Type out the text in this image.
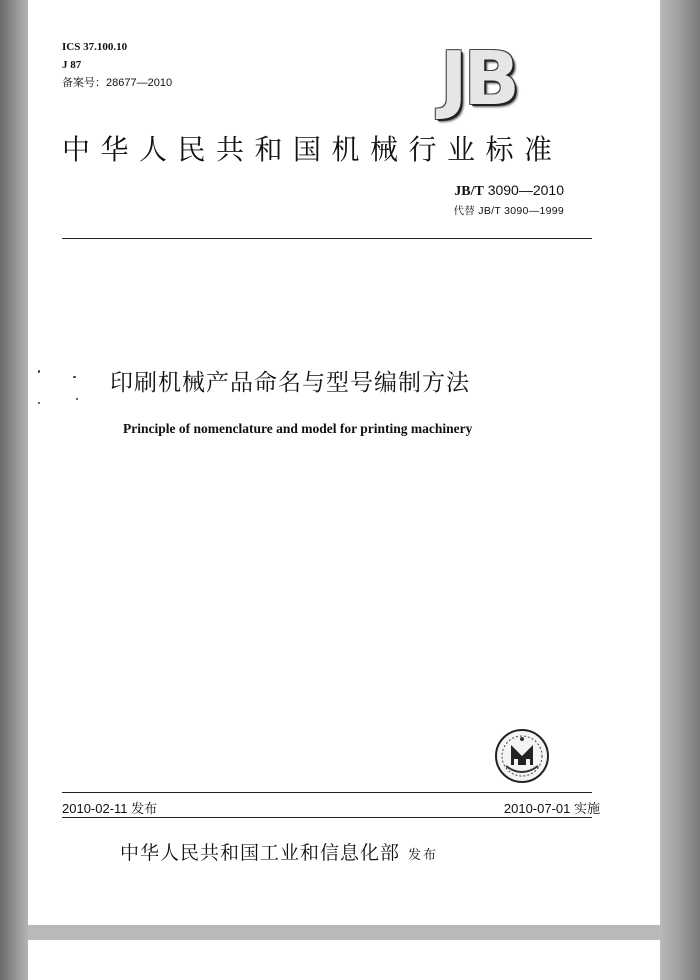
ICS 37.100.10
J 87
备案号：28677—2010	JB
中华人民共和国机械行业标准
JB/T 3090—2010
代替 JB/T 3090—1999
印刷机械产品命名与型号编制方法
Principle of nomenclature and model for printing machinery
2010-02-11 发布	2010-07-01 实施
中华人民共和国工业和信息化部 发布
